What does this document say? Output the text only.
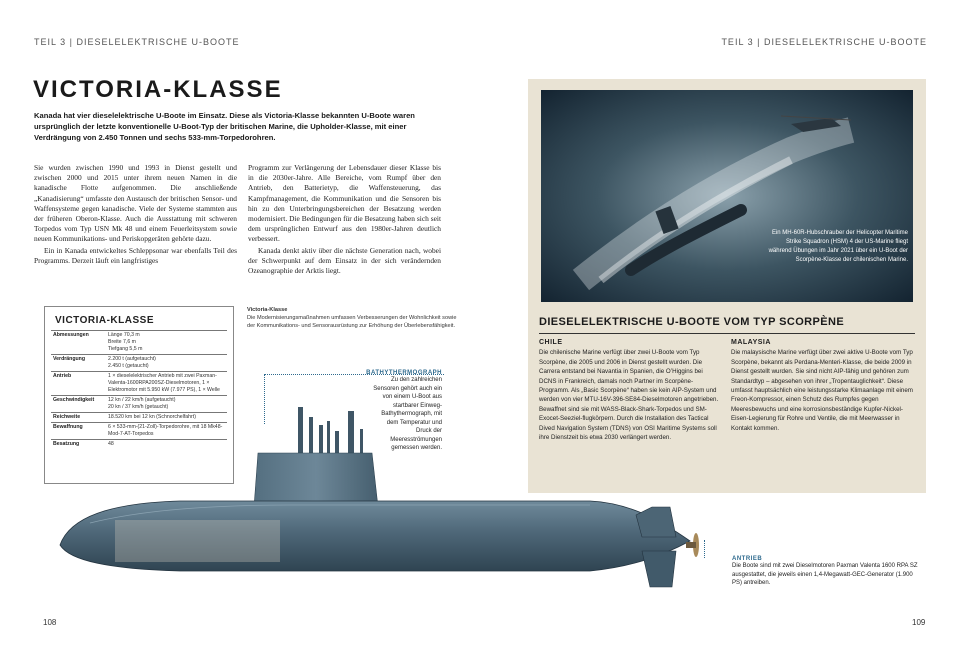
TEIL 3 | DIESELELEKTRISCHE U-BOOTE	TEIL 3 | DIESELELEKTRISCHE U-BOOTE
VICTORIA-KLASSE
Kanada hat vier dieselelektrische U-Boote im Einsatz. Diese als Victoria-Klasse bekannten U-Boote waren ursprünglich der letzte konventionelle U-Boot-Typ der britischen Marine, die Upholder-Klasse, mit einer Verdrängung von 2.450 Tonnen und sechs 533-mm-Torpedorohren.

Sie wurden zwischen 1990 und 1993 in Dienst gestellt und zwischen 2000 und 2015 unter ihrem neuen Namen in die kanadische Flotte aufgenommen. Die anschließende „Kanadisierung“ umfasste den Austausch der britischen Sensor- und Waffensysteme gegen kanadische. Viele der Systeme stammten aus der früheren Oberon-Klasse. Auch die Ausstattung mit schweren Torpedos vom Typ USN Mk 48 und einem Feuerleitsystem sowie neuen Kommunikations- und Periskopgeräten gehörte dazu.

Ein in Kanada entwickeltes Schleppsonar war ebenfalls Teil des Programms. Derzeit läuft ein langfristiges

Programm zur Verlängerung der Lebensdauer dieser Klasse bis in die 2030er-Jahre. Alle Bereiche, vom Rumpf über den Antrieb, den Batterietyp, die Waffensteuerung, das Kampfmanagement, die Kommunikation und die Sensoren bis hin zu den Unterbringungsbereichen der Besatzung werden modernisiert. Die Bedingungen für die Besatzung haben sich seit dem ursprünglichen Entwurf aus den 1980er-Jahren deutlich verbessert.

Kanada denkt aktiv über die nächste Generation nach, wobei der Schwerpunkt auf dem Einsatz in der sich verändernden Ozeanographie der Arktis liegt.

VICTORIA-KLASSE
Abmessungen	Länge 70,3 m
Breite 7,6 m
Tiefgang 5,5 m
Verdrängung	2.200 t (aufgetaucht)
2.450 t (getaucht)
Antrieb	1 × dieselelektrischer Antrieb mit zwei Paxman-Valenta-1600RPA200SZ-Dieselmotoren, 1 × Elektromotor mit 5.950 kW (7.977 PS), 1 × Welle
Geschwindigkeit	12 kn / 22 km/h (aufgetaucht)
20 kn / 37 km/h (getaucht)
Reichweite	18.520 km bei 12 kn (Schnorchelfahrt)
Bewaffnung	6 × 533-mm-(21-Zoll)-Torpedorohre, mit 18 Mk48-Mod-7-AT-Torpedos
Besatzung	48
Victoria-Klasse
Die Modernisierungsmaßnahmen umfassen Verbesserungen der Wohnlichkeit sowie der Kommunikations- und Sensorausrüstung zur Erhöhung der Überlebensfähigkeit.
BATHYTHERMOGRAPH
Zu den zahlreichen Sensoren gehört auch ein von einem U-Boot aus startbarer Einweg-Bathythermograph, mit dem Temperatur und Druck der Meeresströmungen gemessen werden.
ANTRIEB
Die Boote sind mit zwei Dieselmotoren Paxman Valenta 1600 RPA SZ ausgestattet, die jeweils einen 1,4-Megawatt-GEC-Generator (1.900 PS) antreiben.
Ein MH-60R-Hubschrauber der Helicopter Maritime Strike Squadron (HSM) 4 der US-Marine fliegt während Übungen im Jahr 2021 über ein U-Boot der Scorpène-Klasse der chilenischen Marine.
DIESELELEKTRISCHE U-BOOTE VOM TYP SCORPÈNE
CHILE
Die chilenische Marine verfügt über zwei U-Boote vom Typ Scorpène, die 2005 und 2006 in Dienst gestellt wurden. Die Carrera entstand bei Navantia in Spanien, die O’Higgins bei DCNS in Frankreich, damals noch Partner im Scorpène-Programm. Als „Basic Scorpène“ haben sie kein AIP-System und werden von vier MTU-16V-396-SE84-Dieselmotoren angetrieben. Bewaffnet sind sie mit WASS-Black-Shark-Torpedos und SM-Exocet-Seeziel-flugkörpern. Durch die Installation des Tactical Dived Navigation System (TDNS) von OSI Maritime Systems soll ihre Dienstzeit bis etwa 2030 verlängert werden.
MALAYSIA
Die malaysische Marine verfügt über zwei aktive U-Boote vom Typ Scorpène, bekannt als Perdana-Menteri-Klasse, die beide 2009 in Dienst gestellt wurden. Sie sind nicht AIP-fähig und gehören zum Standardtyp – abgesehen von ihrer „Tropentauglichkeit“. Diese umfasst hauptsächlich eine leistungsstarke Klimaanlage mit einem Freon-Kompressor, einen Schutz des Rumpfes gegen Meeresbewuchs und eine korrosionsbeständige Kupfer-Nickel-Eisen-Legierung für Rohre und Ventile, die mit Meerwasser in Kontakt kommen.
108	109
